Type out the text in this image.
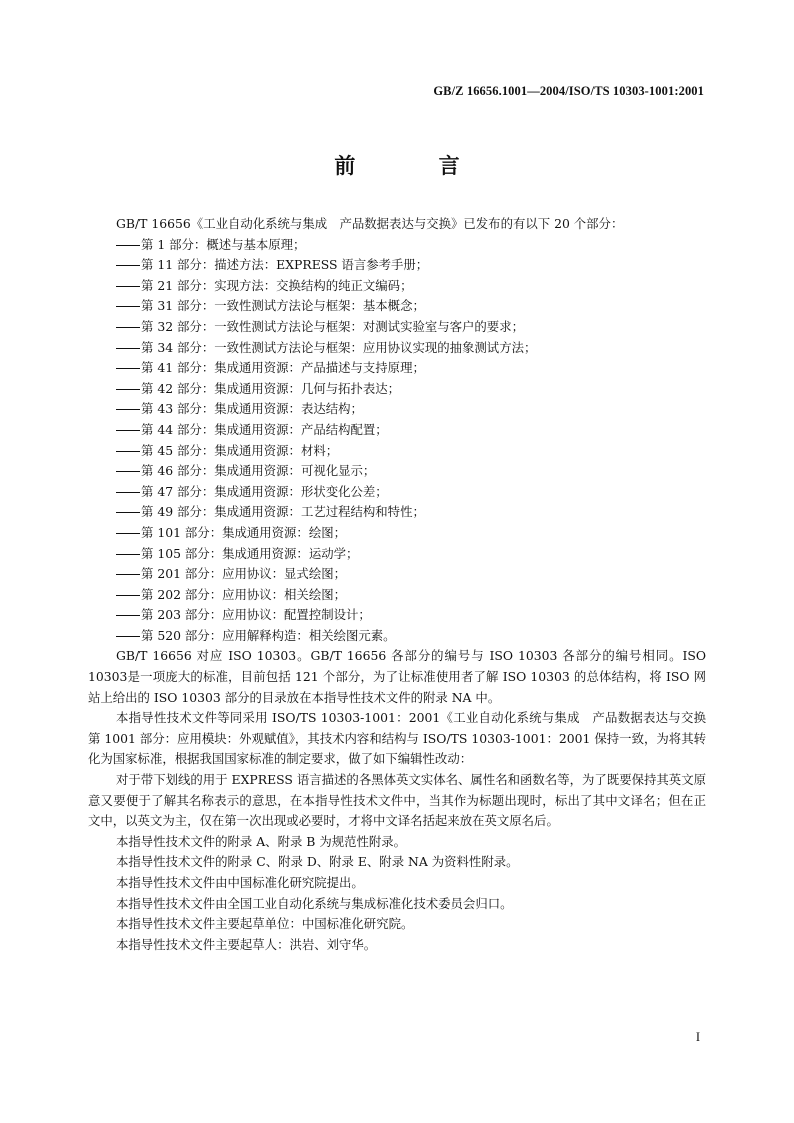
GB/Z 16656.1001—2004/ISO/TS 10303-1001:2001
前 言

GB/T 16656《工业自动化系统与集成　产品数据表达与交换》已发布的有以下 20 个部分：

第 1 部分：概述与基本原理；
第 11 部分：描述方法：EXPRESS 语言参考手册；
第 21 部分：实现方法：交换结构的纯正文编码；
第 31 部分：一致性测试方法论与框架：基本概念；
第 32 部分：一致性测试方法论与框架：对测试实验室与客户的要求；
第 34 部分：一致性测试方法论与框架：应用协议实现的抽象测试方法；
第 41 部分：集成通用资源：产品描述与支持原理；
第 42 部分：集成通用资源：几何与拓扑表达；
第 43 部分：集成通用资源：表达结构；
第 44 部分：集成通用资源：产品结构配置；
第 45 部分：集成通用资源：材料；
第 46 部分：集成通用资源：可视化显示；
第 47 部分：集成通用资源：形状变化公差；
第 49 部分：集成通用资源：工艺过程结构和特性；
第 101 部分：集成通用资源：绘图；
第 105 部分：集成通用资源：运动学；
第 201 部分：应用协议：显式绘图；
第 202 部分：应用协议：相关绘图；
第 203 部分：应用协议：配置控制设计；
第 520 部分：应用解释构造：相关绘图元素。

GB/T 16656 对应 ISO 10303。GB/T 16656 各部分的编号与 ISO 10303 各部分的编号相同。ISO 10303是一项庞大的标准，目前包括 121 个部分，为了让标准使用者了解 ISO 10303 的总体结构，将 ISO 网站上给出的 ISO 10303 部分的目录放在本指导性技术文件的附录 NA 中。

本指导性技术文件等同采用 ISO/TS 10303-1001：2001《工业自动化系统与集成　产品数据表达与交换　第 1001 部分：应用模块：外观赋值》，其技术内容和结构与 ISO/TS 10303-1001：2001 保持一致，为将其转化为国家标准，根据我国国家标准的制定要求，做了如下编辑性改动：

对于带下划线的用于 EXPRESS 语言描述的各黑体英文实体名、属性名和函数名等，为了既要保持其英文原意又要便于了解其名称表示的意思，在本指导性技术文件中，当其作为标题出现时，标出了其中文译名；但在正文中，以英文为主，仅在第一次出现或必要时，才将中文译名括起来放在英文原名后。

本指导性技术文件的附录 A、附录 B 为规范性附录。

本指导性技术文件的附录 C、附录 D、附录 E、附录 NA 为资料性附录。

本指导性技术文件由中国标准化研究院提出。

本指导性技术文件由全国工业自动化系统与集成标准化技术委员会归口。

本指导性技术文件主要起草单位：中国标准化研究院。

本指导性技术文件主要起草人：洪岩、刘守华。

I
